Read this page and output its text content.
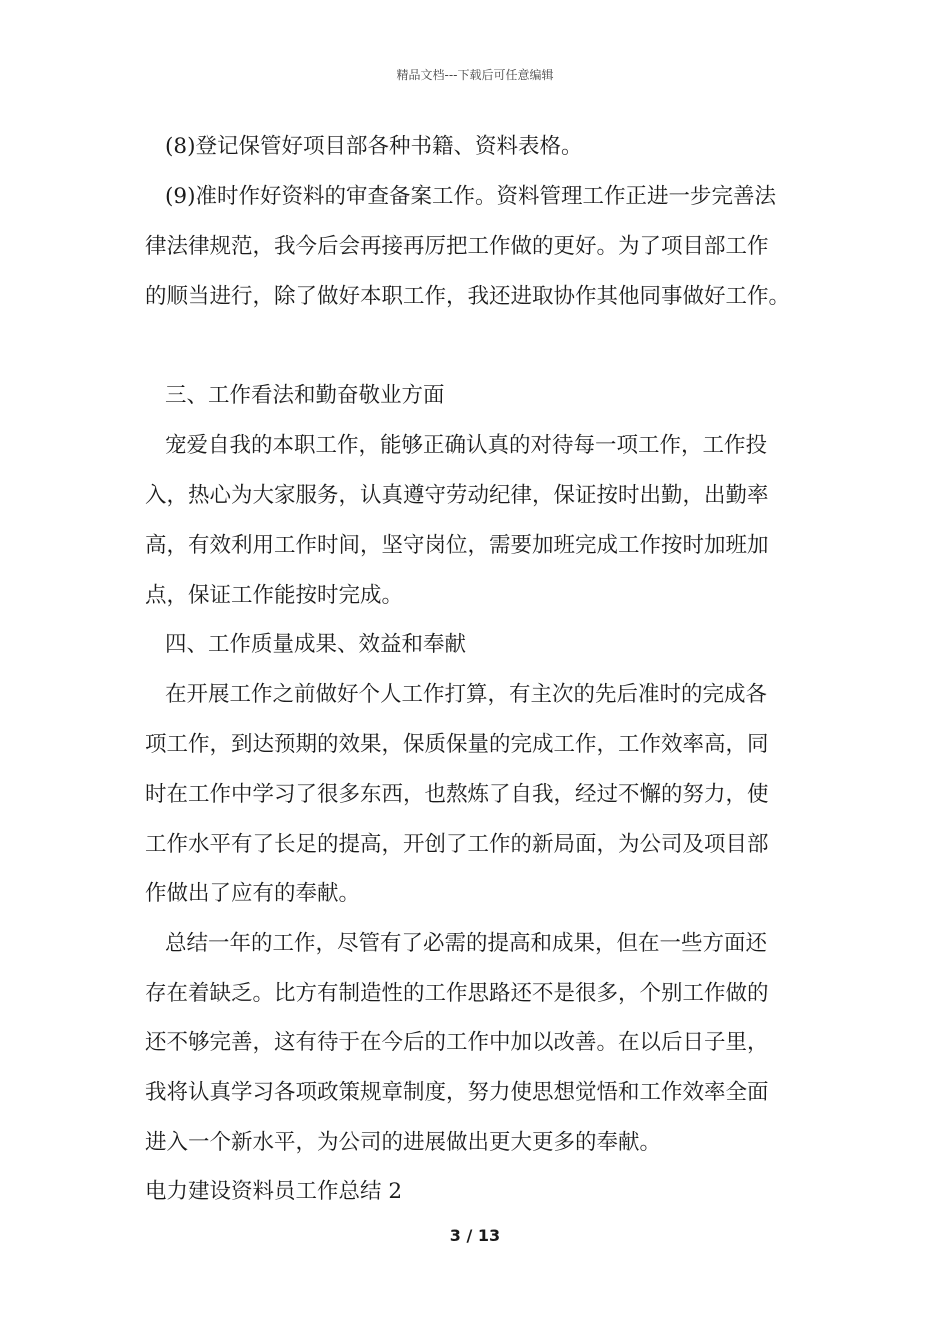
精品文档---下载后可任意编辑
(8)登记保管好项目部各种书籍、资料表格。
(9)准时作好资料的审查备案工作。资料管理工作正进一步完善法
律法律规范，我今后会再接再厉把工作做的更好。为了项目部工作
的顺当进行，除了做好本职工作，我还进取协作其他同事做好工作。
三、工作看法和勤奋敬业方面
宠爱自我的本职工作，能够正确认真的对待每一项工作，工作投
入，热心为大家服务，认真遵守劳动纪律，保证按时出勤，出勤率
高，有效利用工作时间，坚守岗位，需要加班完成工作按时加班加
点，保证工作能按时完成。
四、工作质量成果、效益和奉献
在开展工作之前做好个人工作打算，有主次的先后准时的完成各
项工作，到达预期的效果，保质保量的完成工作，工作效率高，同
时在工作中学习了很多东西，也熬炼了自我，经过不懈的努力，使
工作水平有了长足的提高，开创了工作的新局面，为公司及项目部
作做出了应有的奉献。
总结一年的工作，尽管有了必需的提高和成果，但在一些方面还
存在着缺乏。比方有制造性的工作思路还不是很多，个别工作做的
还不够完善，这有待于在今后的工作中加以改善。在以后日子里，
我将认真学习各项政策规章制度，努力使思想觉悟和工作效率全面
进入一个新水平，为公司的进展做出更大更多的奉献。
电力建设资料员工作总结 2
3 / 13
